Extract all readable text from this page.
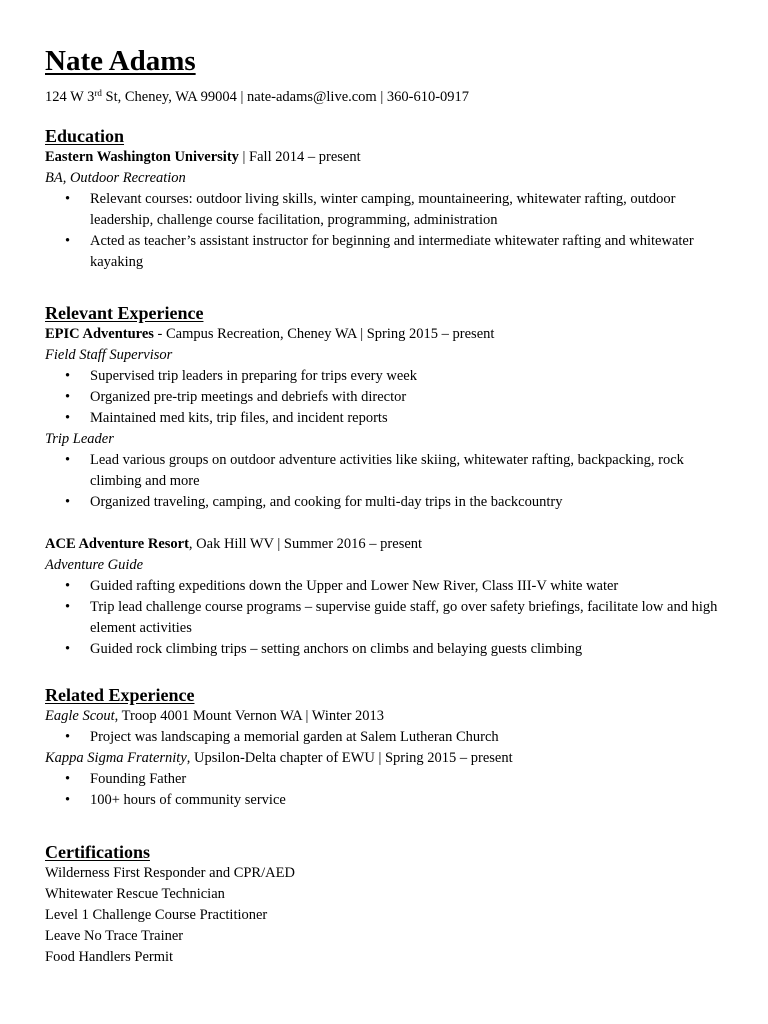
Nate Adams
124 W 3rd St, Cheney, WA 99004 | nate-adams@live.com | 360-610-0917
Education
Eastern Washington University | Fall 2014 – present
BA, Outdoor Recreation
• Relevant courses: outdoor living skills, winter camping, mountaineering, whitewater rafting, outdoor leadership, challenge course facilitation, programming, administration
• Acted as teacher’s assistant instructor for beginning and intermediate whitewater rafting and whitewater kayaking
Relevant Experience
EPIC Adventures - Campus Recreation, Cheney WA | Spring 2015 – present
Field Staff Supervisor
• Supervised trip leaders in preparing for trips every week
• Organized pre-trip meetings and debriefs with director
• Maintained med kits, trip files, and incident reports
Trip Leader
• Lead various groups on outdoor adventure activities like skiing, whitewater rafting, backpacking, rock climbing and more
• Organized traveling, camping, and cooking for multi-day trips in the backcountry
ACE Adventure Resort, Oak Hill WV | Summer 2016 – present
Adventure Guide
• Guided rafting expeditions down the Upper and Lower New River, Class III-V white water
• Trip lead challenge course programs – supervise guide staff, go over safety briefings, facilitate low and high element activities
• Guided rock climbing trips – setting anchors on climbs and belaying guests climbing
Related Experience
Eagle Scout, Troop 4001 Mount Vernon WA | Winter 2013
• Project was landscaping a memorial garden at Salem Lutheran Church
Kappa Sigma Fraternity, Upsilon-Delta chapter of EWU | Spring 2015 – present
• Founding Father
• 100+ hours of community service
Certifications
Wilderness First Responder and CPR/AED
Whitewater Rescue Technician
Level 1 Challenge Course Practitioner
Leave No Trace Trainer
Food Handlers Permit
